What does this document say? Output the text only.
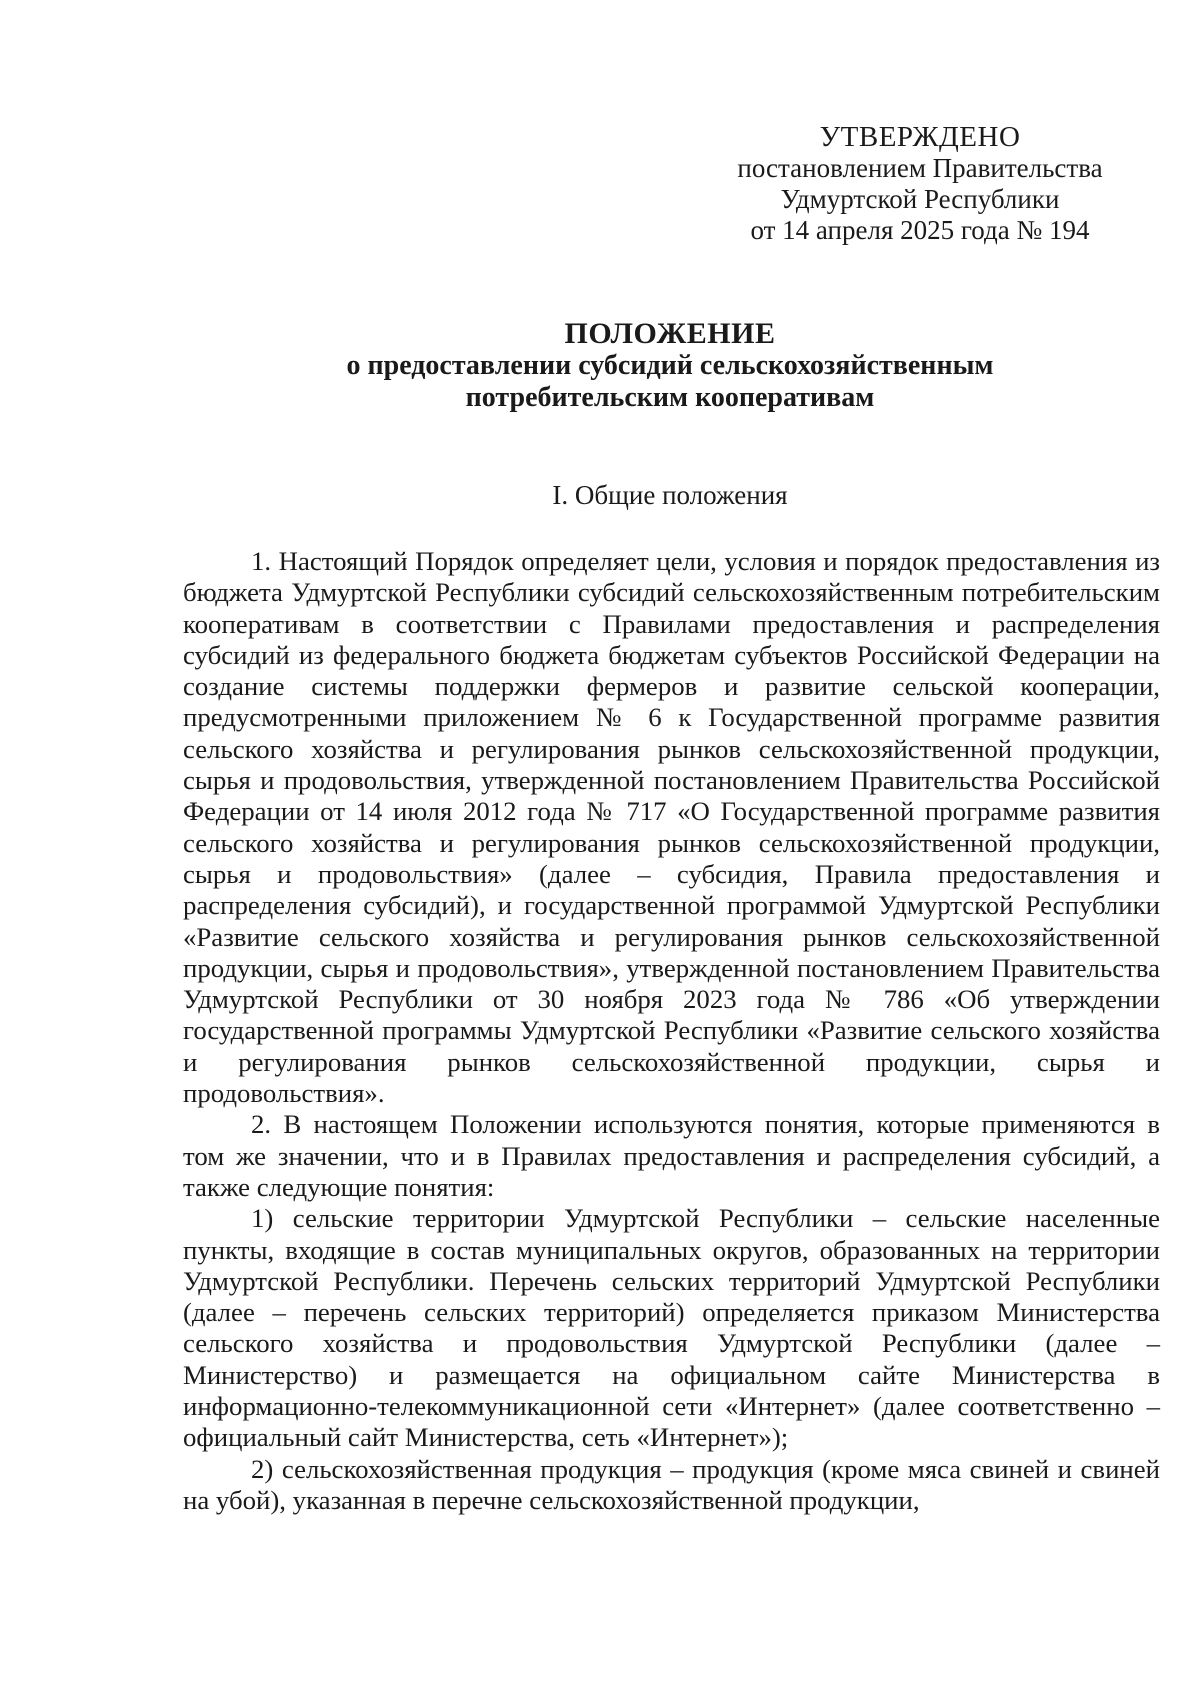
УТВЕРЖДЕНО
постановлением Правительства
Удмуртской Республики
от 14 апреля 2025 года № 194
ПОЛОЖЕНИЕ
о предоставлении субсидий сельскохозяйственным
потребительским кооперативам
I. Общие положения

1. Настоящий Порядок определяет цели, условия и порядок предоставления из бюджета Удмуртской Республики субсидий сельскохозяйственным потребительским кооперативам в соответствии с Правилами предоставления и распределения субсидий из федерального бюджета бюджетам субъектов Российской Федерации на создание системы поддержки фермеров и развитие сельской кооперации, предусмотренными приложением № 6 к Государственной программе развития сельского хозяйства и регулирования рынков сельскохозяйственной продукции, сырья и продовольствия, утвержденной постановлением Правительства Российской Федерации от 14 июля 2012 года № 717 «О Государственной программе развития сельского хозяйства и регулирования рынков сельскохозяйственной продукции, сырья и продовольствия» (далее – субсидия, Правила предоставления и распределения субсидий), и государственной программой Удмуртской Республики «Развитие сельского хозяйства и регулирования рынков сельскохозяйственной продукции, сырья и продовольствия», утвержденной постановлением Правительства Удмуртской Республики от 30 ноября 2023 года № 786 «Об утверждении государственной программы Удмуртской Республики «Развитие сельского хозяйства и регулирования рынков сельскохозяйственной продукции, сырья и продовольствия».

2. В настоящем Положении используются понятия, которые применяются в том же значении, что и в Правилах предоставления и распределения субсидий, а также следующие понятия:

1) сельские территории Удмуртской Республики – сельские населенные пункты, входящие в состав муниципальных округов, образованных на территории Удмуртской Республики. Перечень сельских территорий Удмуртской Республики (далее – перечень сельских территорий) определяется приказом Министерства сельского хозяйства и продовольствия Удмуртской Республики (далее – Министерство) и размещается на официальном сайте Министерства в информационно-телекоммуникационной сети «Интернет» (далее соответственно – официальный сайт Министерства, сеть «Интернет»);

2) сельскохозяйственная продукция – продукция (кроме мяса свиней и свиней на убой), указанная в перечне сельскохозяйственной продукции,
